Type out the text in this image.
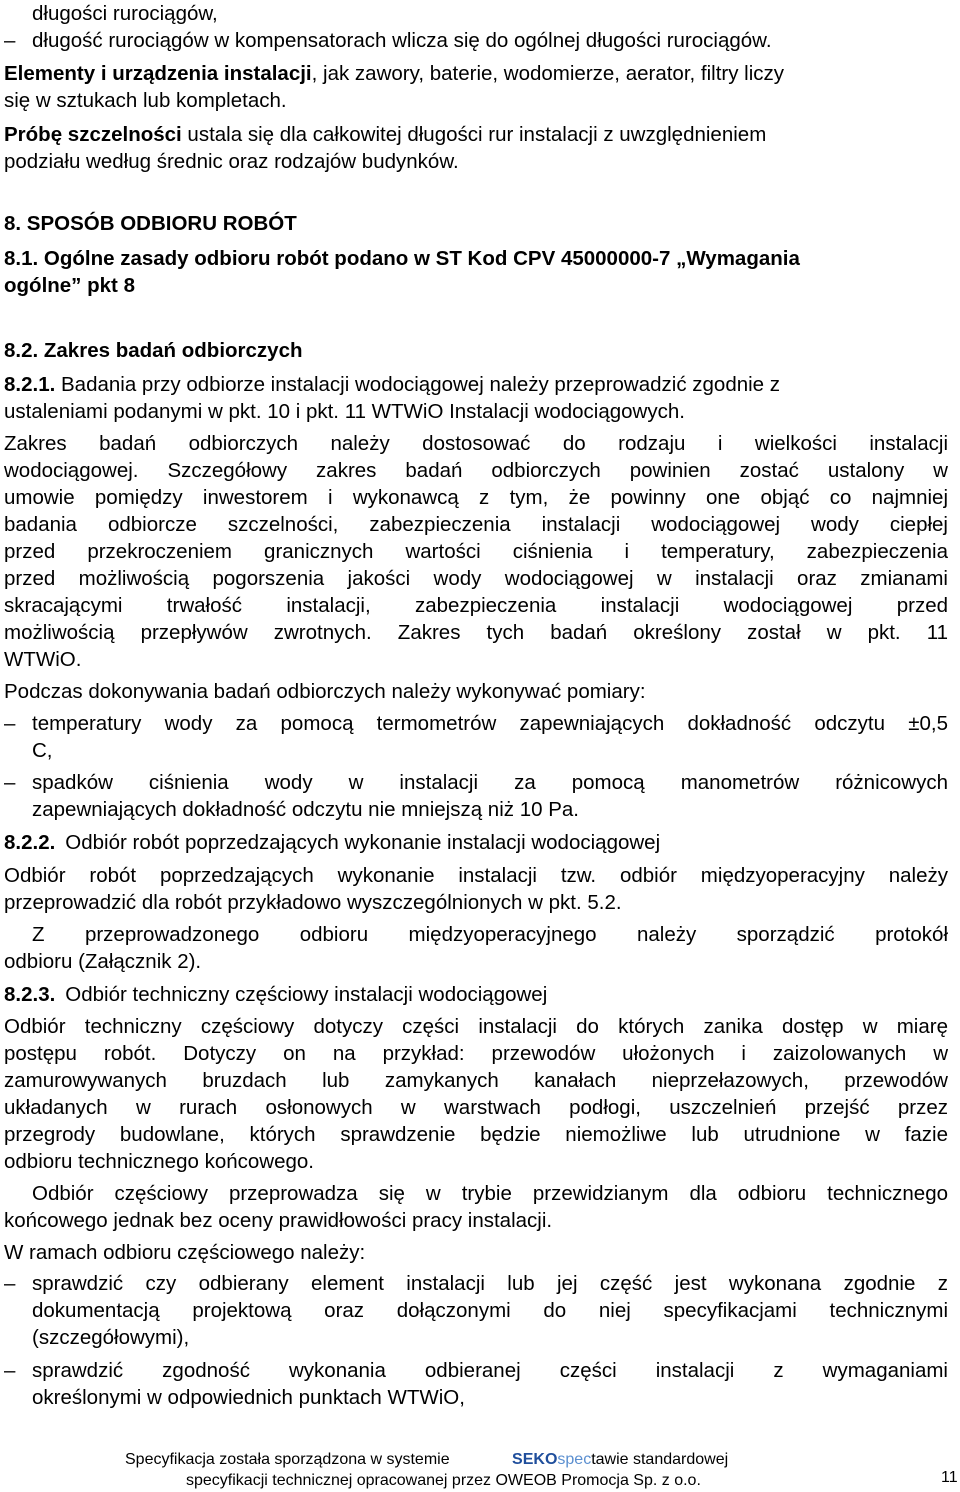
długości rurociągów,
– długość rurociągów w kompensatorach wlicza się do ogólnej długości rurociągów.
Elementy i urządzenia instalacji, jak zawory, baterie, wodomierze, aerator, filtry liczy
się w sztukach lub kompletach.
Próbę szczelności ustala się dla całkowitej długości rur instalacji z uwzględnieniem
podziału według średnic oraz rodzajów budynków.
8. SPOSÓB ODBIORU ROBÓT
8.1. Ogólne zasady odbioru robót podano w ST Kod CPV 45000000-7 „Wymagania
ogólne” pkt 8
8.2. Zakres badań odbiorczych
8.2.1. Badania przy odbiorze instalacji wodociągowej należy przeprowadzić zgodnie z
ustaleniami podanymi w pkt. 10 i pkt. 11 WTWiO Instalacji wodociągowych.
Zakres badań odbiorczych należy dostosować do rodzaju i wielkości instalacji
wodociągowej. Szczegółowy zakres badań odbiorczych powinien zostać ustalony w
umowie pomiędzy inwestorem i wykonawcą z tym, że powinny one objąć co najmniej
badania odbiorcze szczelności, zabezpieczenia instalacji wodociągowej wody ciepłej
przed przekroczeniem granicznych wartości ciśnienia i temperatury, zabezpieczenia
przed możliwością pogorszenia jakości wody wodociągowej w instalacji oraz zmianami
skracającymi trwałość instalacji, zabezpieczenia instalacji wodociągowej przed
możliwością przepływów zwrotnych. Zakres tych badań określony został w pkt. 11
WTWiO.
Podczas dokonywania badań odbiorczych należy wykonywać pomiary:
– temperatury wody za pomocą termometrów zapewniających dokładność odczytu ±0,5
C,
– spadków ciśnienia wody w instalacji za pomocą manometrów różnicowych
zapewniających dokładność odczytu nie mniejszą niż 10 Pa.
8.2.2. Odbiór robót poprzedzających wykonanie instalacji wodociągowej
Odbiór robót poprzedzających wykonanie instalacji tzw. odbiór międzyoperacyjny należy
przeprowadzić dla robót przykładowo wyszczególnionych w pkt. 5.2.
Z przeprowadzonego odbioru międzyoperacyjnego należy sporządzić protokół
odbioru (Załącznik 2).
8.2.3. Odbiór techniczny częściowy instalacji wodociągowej
Odbiór techniczny częściowy dotyczy części instalacji do których zanika dostęp w miarę
postępu robót. Dotyczy on na przykład: przewodów ułożonych i zaizolowanych w
zamurowywanych bruzdach lub zamykanych kanałach nieprzełazowych, przewodów
układanych w rurach osłonowych w warstwach podłogi, uszczelnień przejść przez
przegrody budowlane, których sprawdzenie będzie niemożliwe lub utrudnione w fazie
odbioru technicznego końcowego.
Odbiór częściowy przeprowadza się w trybie przewidzianym dla odbioru technicznego
końcowego jednak bez oceny prawidłowości pracy instalacji.
W ramach odbioru częściowego należy:
– sprawdzić czy odbierany element instalacji lub jej część jest wykonana zgodnie z
dokumentacją projektową oraz dołączonymi do niej specyfikacjami technicznymi
(szczegółowymi),
– sprawdzić zgodność wykonania odbieranej części instalacji z wymaganiami
określonymi w odpowiednich punktach WTWiO,
Specyfikacja została sporządzona w systemie	SEKOspectawie standardowej
specyfikacji technicznej opracowanej przez OWEOB Promocja Sp. z o.o.	11
